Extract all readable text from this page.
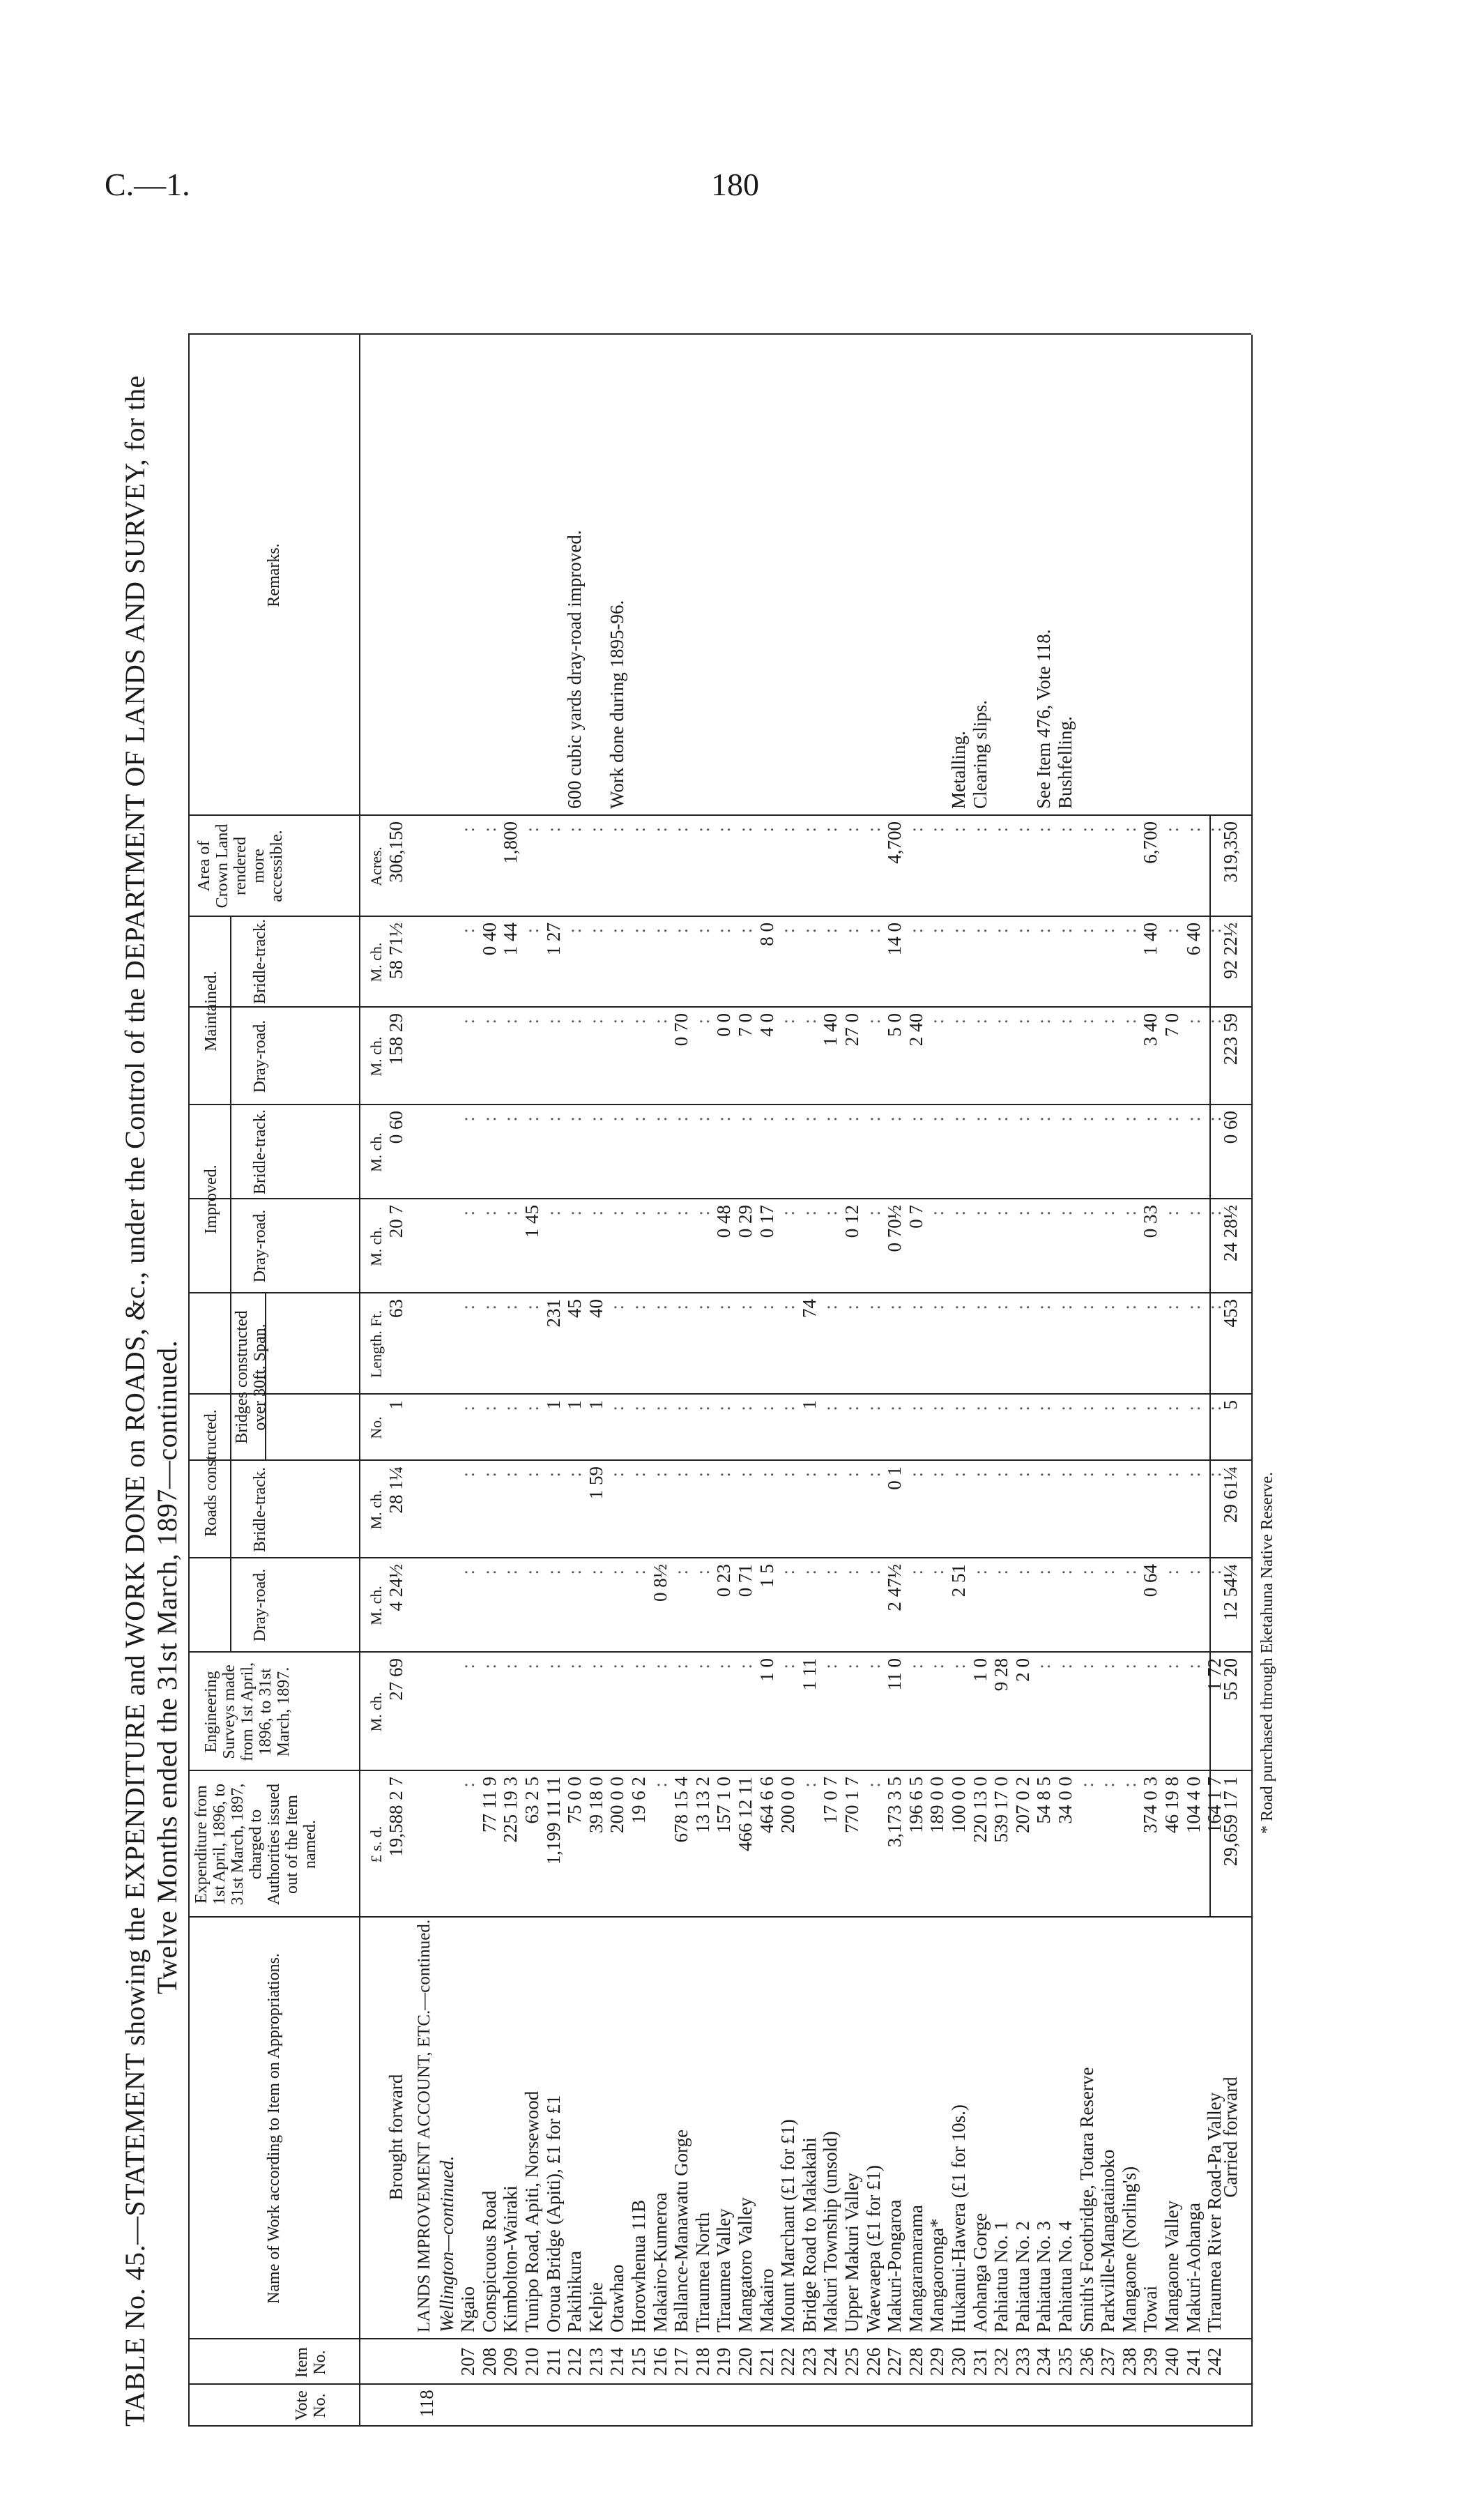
C.—1.	180
TABLE No. 45.—STATEMENT showing the EXPENDITURE and WORK DONE on ROADS, &c., under the Control of the DEPARTMENT OF LANDS AND SURVEY, for the Twelve Months ended the 31st March, 1897—continued.
Vote No.
Item No.
Name of Work according to Item on Appropriations.
Expenditure from 1st April, 1896, to 31st March, 1897, charged to Authorities issued out of the Item named.
Engineering Surveys made from 1st April, 1896, to 31st March, 1897.
Roads constructed.
Dray-road.
Bridle-track.
Bridges constructed over 30ft. Span.
Improved.
Dray-road.
Bridle-track.
Maintained.
Dray-road.
Bridle-track.
Area of Crown Land rendered more accessible.
Remarks.
£ s. d.
M. ch.
M. ch.
M. ch.
No.
Length. Ft.
M. ch.
M. ch.
M. ch.
M. ch.
Acres.
Brought forward
19,588 2 7
27 69
4 24½
28 1¼
1
63
20 7
0 60
158 29
58 71½
306,150
118
LANDS IMPROVEMENT ACCOUNT, ETC.—continued. Wellington—continued.
207
Ngaio
:
:
:
:
:
:
:
:
:
:
:
208
Conspicuous Road
77 11 9
:
:
:
:
:
:
:
:
0 40
:
209
Kimbolton-Wairaki
225 19 3
:
:
:
:
:
:
:
:
1 44
1,800
210
Tunipo Road, Apiti, Norsewood
63 2 5
:
:
:
:
:
1 45
:
:
:
:
211
Oroua Bridge (Apiti), £1 for £1
1,199 11 11
:
:
:
1
231
:
:
:
1 27
:
212
Pakihikura
75 0 0
:
:
:
1
45
:
:
:
:
:
600 cubic yards dray-road improved.
213
Kelpie
39 18 0
:
:
1 59
1
40
:
:
:
:
:
214
Otawhao
200 0 0
:
:
:
:
:
:
:
:
:
:
Work done during 1895-96.
215
Horowhenua 11B
19 6 2
:
:
:
:
:
:
:
:
:
:
216
Makairo-Kumeroa
:
:
0 8½
:
:
:
:
:
:
:
:
217
Ballance-Manawatu Gorge
678 15 4
:
:
:
:
:
:
:
0 70
:
:
218
Tiraumea North
13 13 2
:
:
:
:
:
:
:
:
:
:
219
Tiraumea Valley
157 1 0
:
0 23
:
:
:
0 48
:
0 0
:
:
220
Mangatoro Valley
466 12 11
:
0 71
:
:
:
0 29
:
7 0
:
:
221
Makairo
464 6 6
1 0
1 5
:
:
:
0 17
:
4 0
8 0
:
222
Mount Marchant (£1 for £1)
200 0 0
:
:
:
:
:
:
:
:
:
:
223
Bridge Road to Makakahi
:
1 11
:
:
1
74
:
:
:
:
:
224
Makuri Township (unsold)
17 0 7
:
:
:
:
:
:
:
1 40
:
:
225
Upper Makuri Valley
770 1 7
:
:
:
:
:
0 12
:
27 0
:
:
226
Waewaepa (£1 for £1)
:
:
:
:
:
:
:
:
:
:
:
227
Makuri-Pongaroa
3,173 3 5
11 0
2 47½
0 1
:
:
0 70½
:
5 0
14 0
4,700
228
Mangaramarama
196 6 5
:
:
:
:
:
0 7
:
2 40
:
:
229
Mangaoronga*
189 0 0
:
:
:
:
:
:
:
:
:
:
230
Hukanui-Hawera (£1 for 10s.)
100 0 0
:
2 51
:
:
:
:
:
:
:
:
Metalling.
231
Aohanga Gorge
220 13 0
1 0
:
:
:
:
:
:
:
:
:
Clearing slips.
232
Pahiatua No. 1
539 17 0
9 28
:
:
:
:
:
:
:
:
:
233
Pahiatua No. 2
207 0 2
2 0
:
:
:
:
:
:
:
:
:
234
Pahiatua No. 3
54 8 5
:
:
:
:
:
:
:
:
:
:
See Item 476, Vote 118.
235
Pahiatua No. 4
34 0 0
:
:
:
:
:
:
:
:
:
:
Bushfelling.
236
Smith's Footbridge, Totara Reserve
:
:
:
:
:
:
:
:
:
:
:
237
Parkville-Mangatainoko
:
:
:
:
:
:
:
:
:
:
:
238
Mangaone (Norling's)
:
:
:
:
:
:
:
:
:
:
:
239
Towai
374 0 3
:
0 64
:
:
:
0 33
:
3 40
1 40
6,700
240
Mangaone Valley
46 19 8
:
:
:
:
:
:
:
7 0
:
:
241
Makuri-Aohanga
104 4 0
:
:
:
:
:
:
:
:
6 40
:
242
Tiraumea River Road-Pa Valley
164 1 7
1 72
:
:
:
:
:
:
:
:
:
Carried forward
29,659 17 1
55 20
12 54¼
29 61¼
5
453
24 28½
0 60
223 59
92 22½
319,350
* Road purchased through Eketahuna Native Reserve.
